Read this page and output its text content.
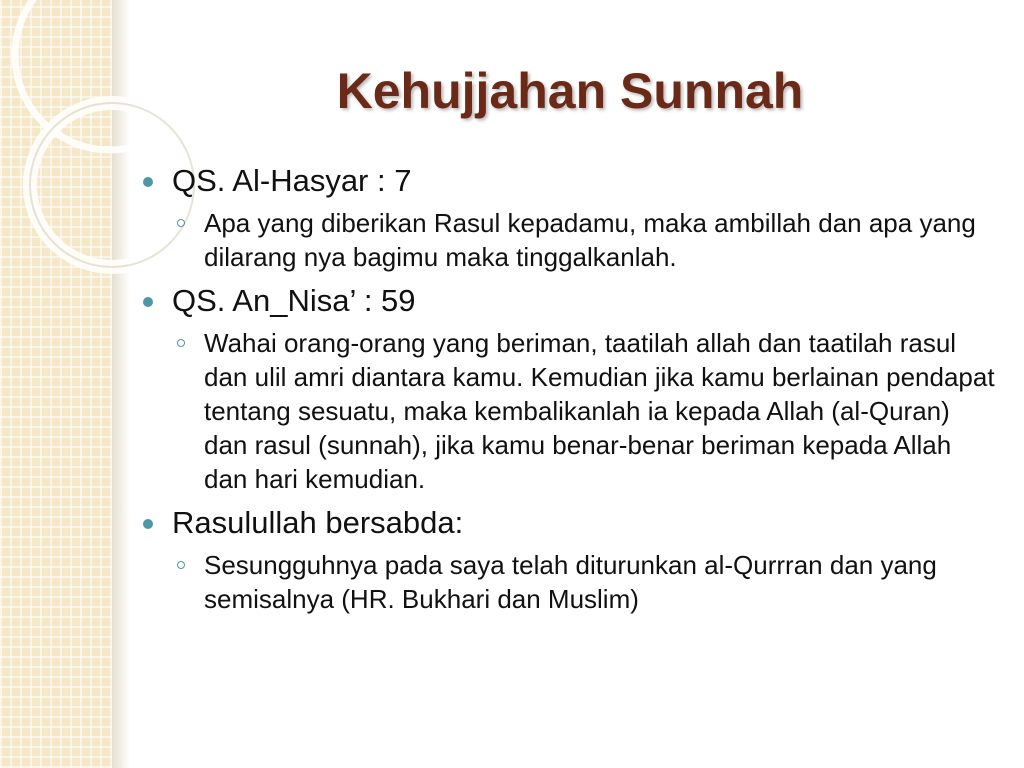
Kehujjahan Sunnah
QS. Al-Hasyar : 7
Apa yang diberikan Rasul kepadamu, maka ambillah dan apa yang dilarang nya bagimu maka tinggalkanlah.
QS. An_Nisa’ : 59
Wahai orang-orang yang beriman, taatilah allah dan taatilah rasul dan ulil amri diantara kamu. Kemudian jika kamu berlainan pendapat tentang sesuatu, maka kembalikanlah ia kepada Allah (al-Quran) dan rasul (sunnah), jika kamu benar-benar beriman kepada Allah dan hari kemudian.
Rasulullah bersabda:
Sesungguhnya pada saya telah diturunkan al-Qurrran dan yang semisalnya (HR. Bukhari dan Muslim)
